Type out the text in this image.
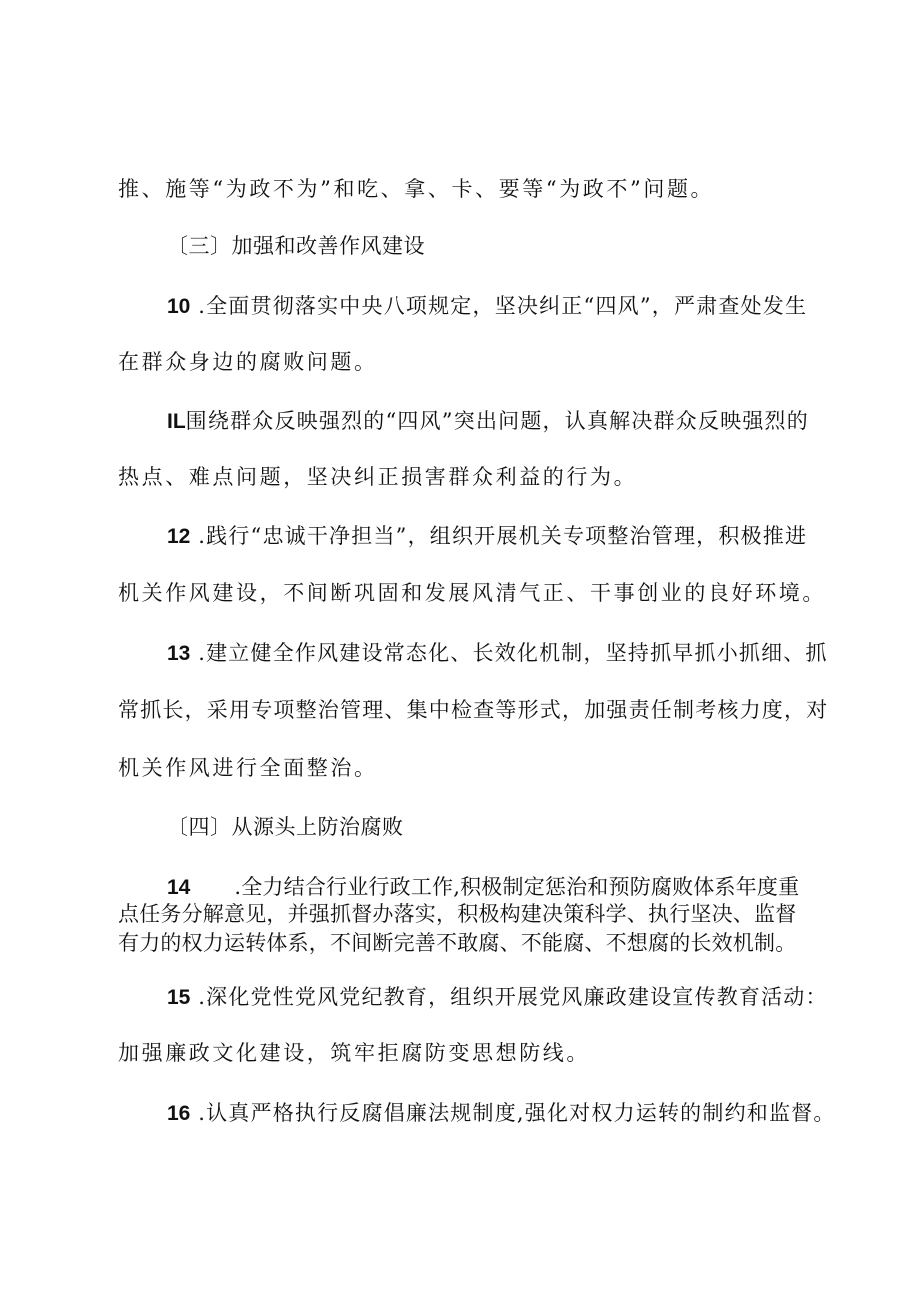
推、施等“为政不为”和吃、拿、卡、要等“为政不”问题。
〔三〕加强和改善作风建设
10 .全面贯彻落实中央八项规定，坚决纠正“四风”，严肃查处发生
在群众身边的腐败问题。
IL围绕群众反映强烈的“四风”突出问题，认真解决群众反映强烈的
热点、难点问题，坚决纠正损害群众利益的行为。
12 .践行“忠诚干净担当”，组织开展机关专项整治管理，积极推进
机关作风建设，不间断巩固和发展风清气正、干事创业的良好环境。
13 .建立健全作风建设常态化、长效化机制，坚持抓早抓小抓细、抓
常抓长，采用专项整治管理、集中检查等形式，加强责任制考核力度，对
机关作风进行全面整治。
〔四〕从源头上防治腐败
14 .全力结合行业行政工作,积极制定惩治和预防腐败体系年度重
点任务分解意见，并强抓督办落实，积极构建决策科学、执行坚决、监督
有力的权力运转体系，不间断完善不敢腐、不能腐、不想腐的长效机制。
15 .深化党性党风党纪教育，组织开展党风廉政建设宣传教育活动：
加强廉政文化建设，筑牢拒腐防变思想防线。
16 .认真严格执行反腐倡廉法规制度,强化对权力运转的制约和监督。
